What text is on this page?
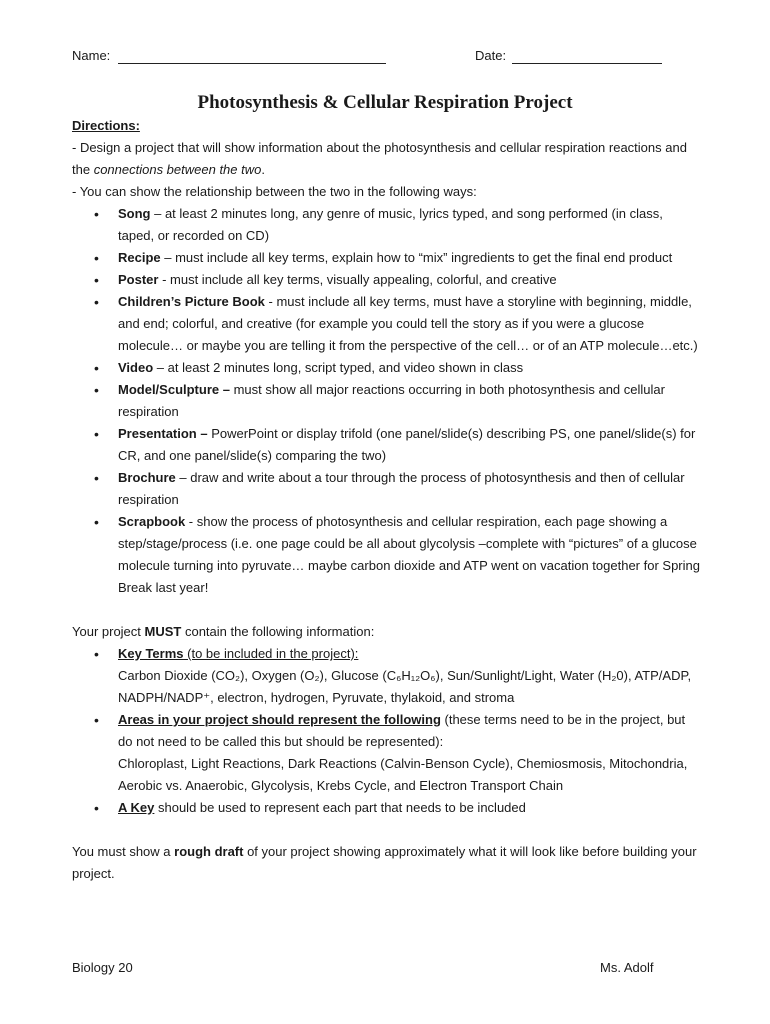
Name:	Date:
Photosynthesis & Cellular Respiration Project
Directions:
- Design a project that will show information about the photosynthesis and cellular respiration reactions and the connections between the two.
- You can show the relationship between the two in the following ways:
• Song – at least 2 minutes long, any genre of music, lyrics typed, and song performed (in class, taped, or recorded on CD)
• Recipe – must include all key terms, explain how to “mix” ingredients to get the final end product
• Poster - must include all key terms, visually appealing, colorful, and creative
• Children’s Picture Book - must include all key terms, must have a storyline with beginning, middle, and end; colorful, and creative (for example you could tell the story as if you were a glucose molecule… or maybe you are telling it from the perspective of the cell… or of an ATP molecule…etc.)
• Video – at least 2 minutes long, script typed, and video shown in class
• Model/Sculpture – must show all major reactions occurring in both photosynthesis and cellular respiration
• Presentation – PowerPoint or display trifold (one panel/slide(s) describing PS, one panel/slide(s) for CR, and one panel/slide(s) comparing the two)
• Brochure – draw and write about a tour through the process of photosynthesis and then of cellular respiration
• Scrapbook - show the process of photosynthesis and cellular respiration, each page showing a step/stage/process (i.e. one page could be all about glycolysis –complete with “pictures” of a glucose molecule turning into pyruvate… maybe carbon dioxide and ATP went on vacation together for Spring Break last year!
Your project MUST contain the following information:
• Key Terms (to be included in the project):
Carbon Dioxide (CO₂), Oxygen (O₂), Glucose (C₆H₁₂O₆), Sun/Sunlight/Light, Water (H₂0), ATP/ADP, NADPH/NADP⁺, electron, hydrogen, Pyruvate, thylakoid, and stroma
• Areas in your project should represent the following (these terms need to be in the project, but do not need to be called this but should be represented):
Chloroplast, Light Reactions, Dark Reactions (Calvin-Benson Cycle), Chemiosmosis, Mitochondria, Aerobic vs. Anaerobic, Glycolysis, Krebs Cycle, and Electron Transport Chain
• A Key should be used to represent each part that needs to be included
You must show a rough draft of your project showing approximately what it will look like before building your project.
Biology 20	Ms. Adolf
